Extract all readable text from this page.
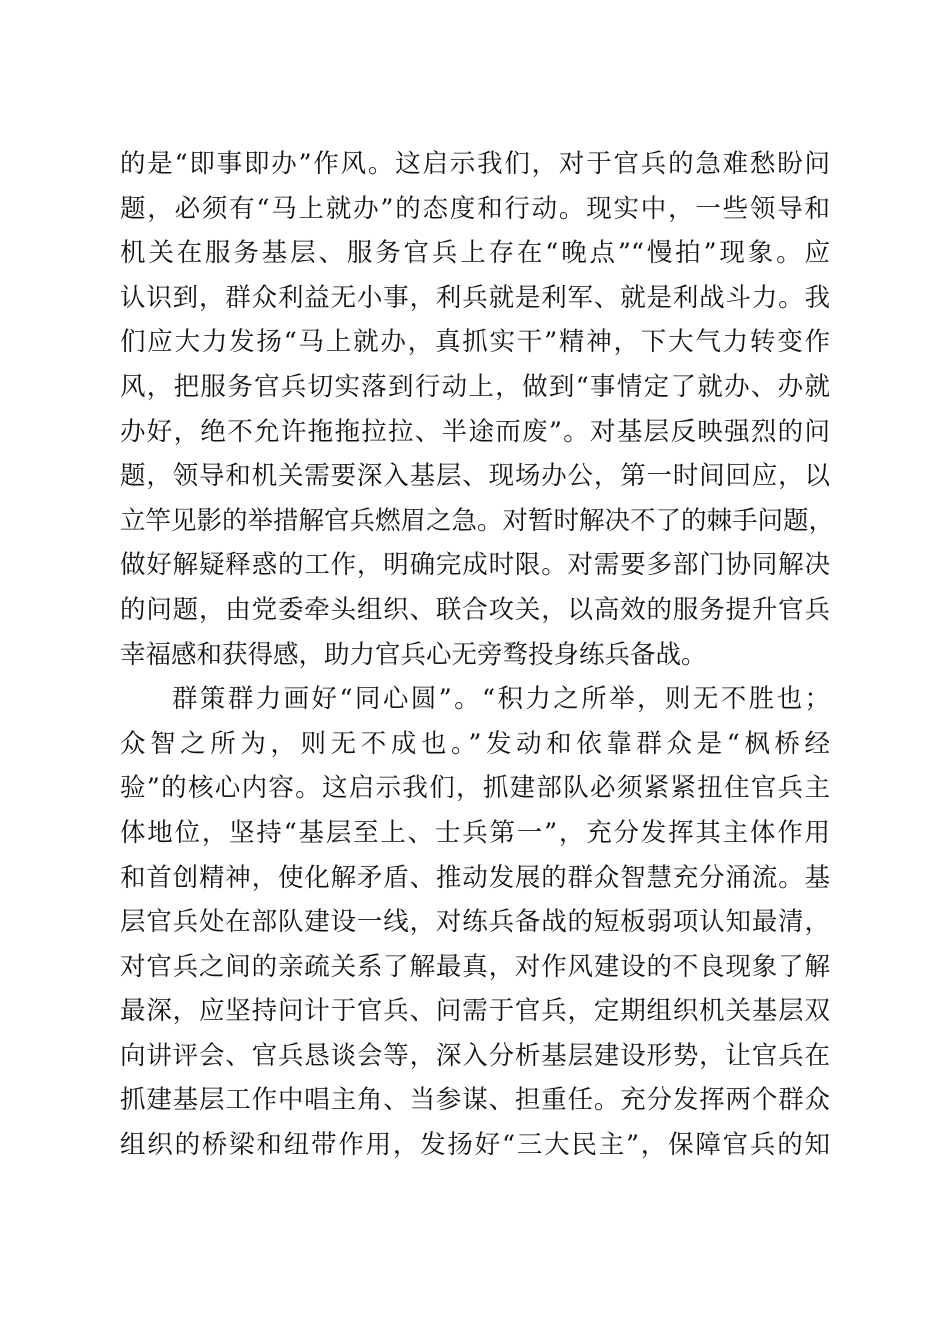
的是“即事即办”作风。这启示我们，对于官兵的急难愁盼问
题，必须有“马上就办”的态度和行动。现实中，一些领导和
机关在服务基层、服务官兵上存在“晚点”“慢拍”现象。应
认识到，群众利益无小事，利兵就是利军、就是利战斗力。我
们应大力发扬“马上就办，真抓实干”精神，下大气力转变作
风，把服务官兵切实落到行动上，做到“事情定了就办、办就
办好，绝不允许拖拖拉拉、半途而废”。对基层反映强烈的问
题，领导和机关需要深入基层、现场办公，第一时间回应，以
立竿见影的举措解官兵燃眉之急。对暂时解决不了的棘手问题，
做好解疑释惑的工作，明确完成时限。对需要多部门协同解决
的问题，由党委牵头组织、联合攻关，以高效的服务提升官兵
幸福感和获得感，助力官兵心无旁骛投身练兵备战。
群策群力画好“同心圆”。“积力之所举，则无不胜也；
众智之所为，则无不成也。”发动和依靠群众是“枫桥经
验”的核心内容。这启示我们，抓建部队必须紧紧扭住官兵主
体地位，坚持“基层至上、士兵第一”，充分发挥其主体作用
和首创精神，使化解矛盾、推动发展的群众智慧充分涌流。基
层官兵处在部队建设一线，对练兵备战的短板弱项认知最清，
对官兵之间的亲疏关系了解最真，对作风建设的不良现象了解
最深，应坚持问计于官兵、问需于官兵，定期组织机关基层双
向讲评会、官兵恳谈会等，深入分析基层建设形势，让官兵在
抓建基层工作中唱主角、当参谋、担重任。充分发挥两个群众
组织的桥梁和纽带作用，发扬好“三大民主”，保障官兵的知
